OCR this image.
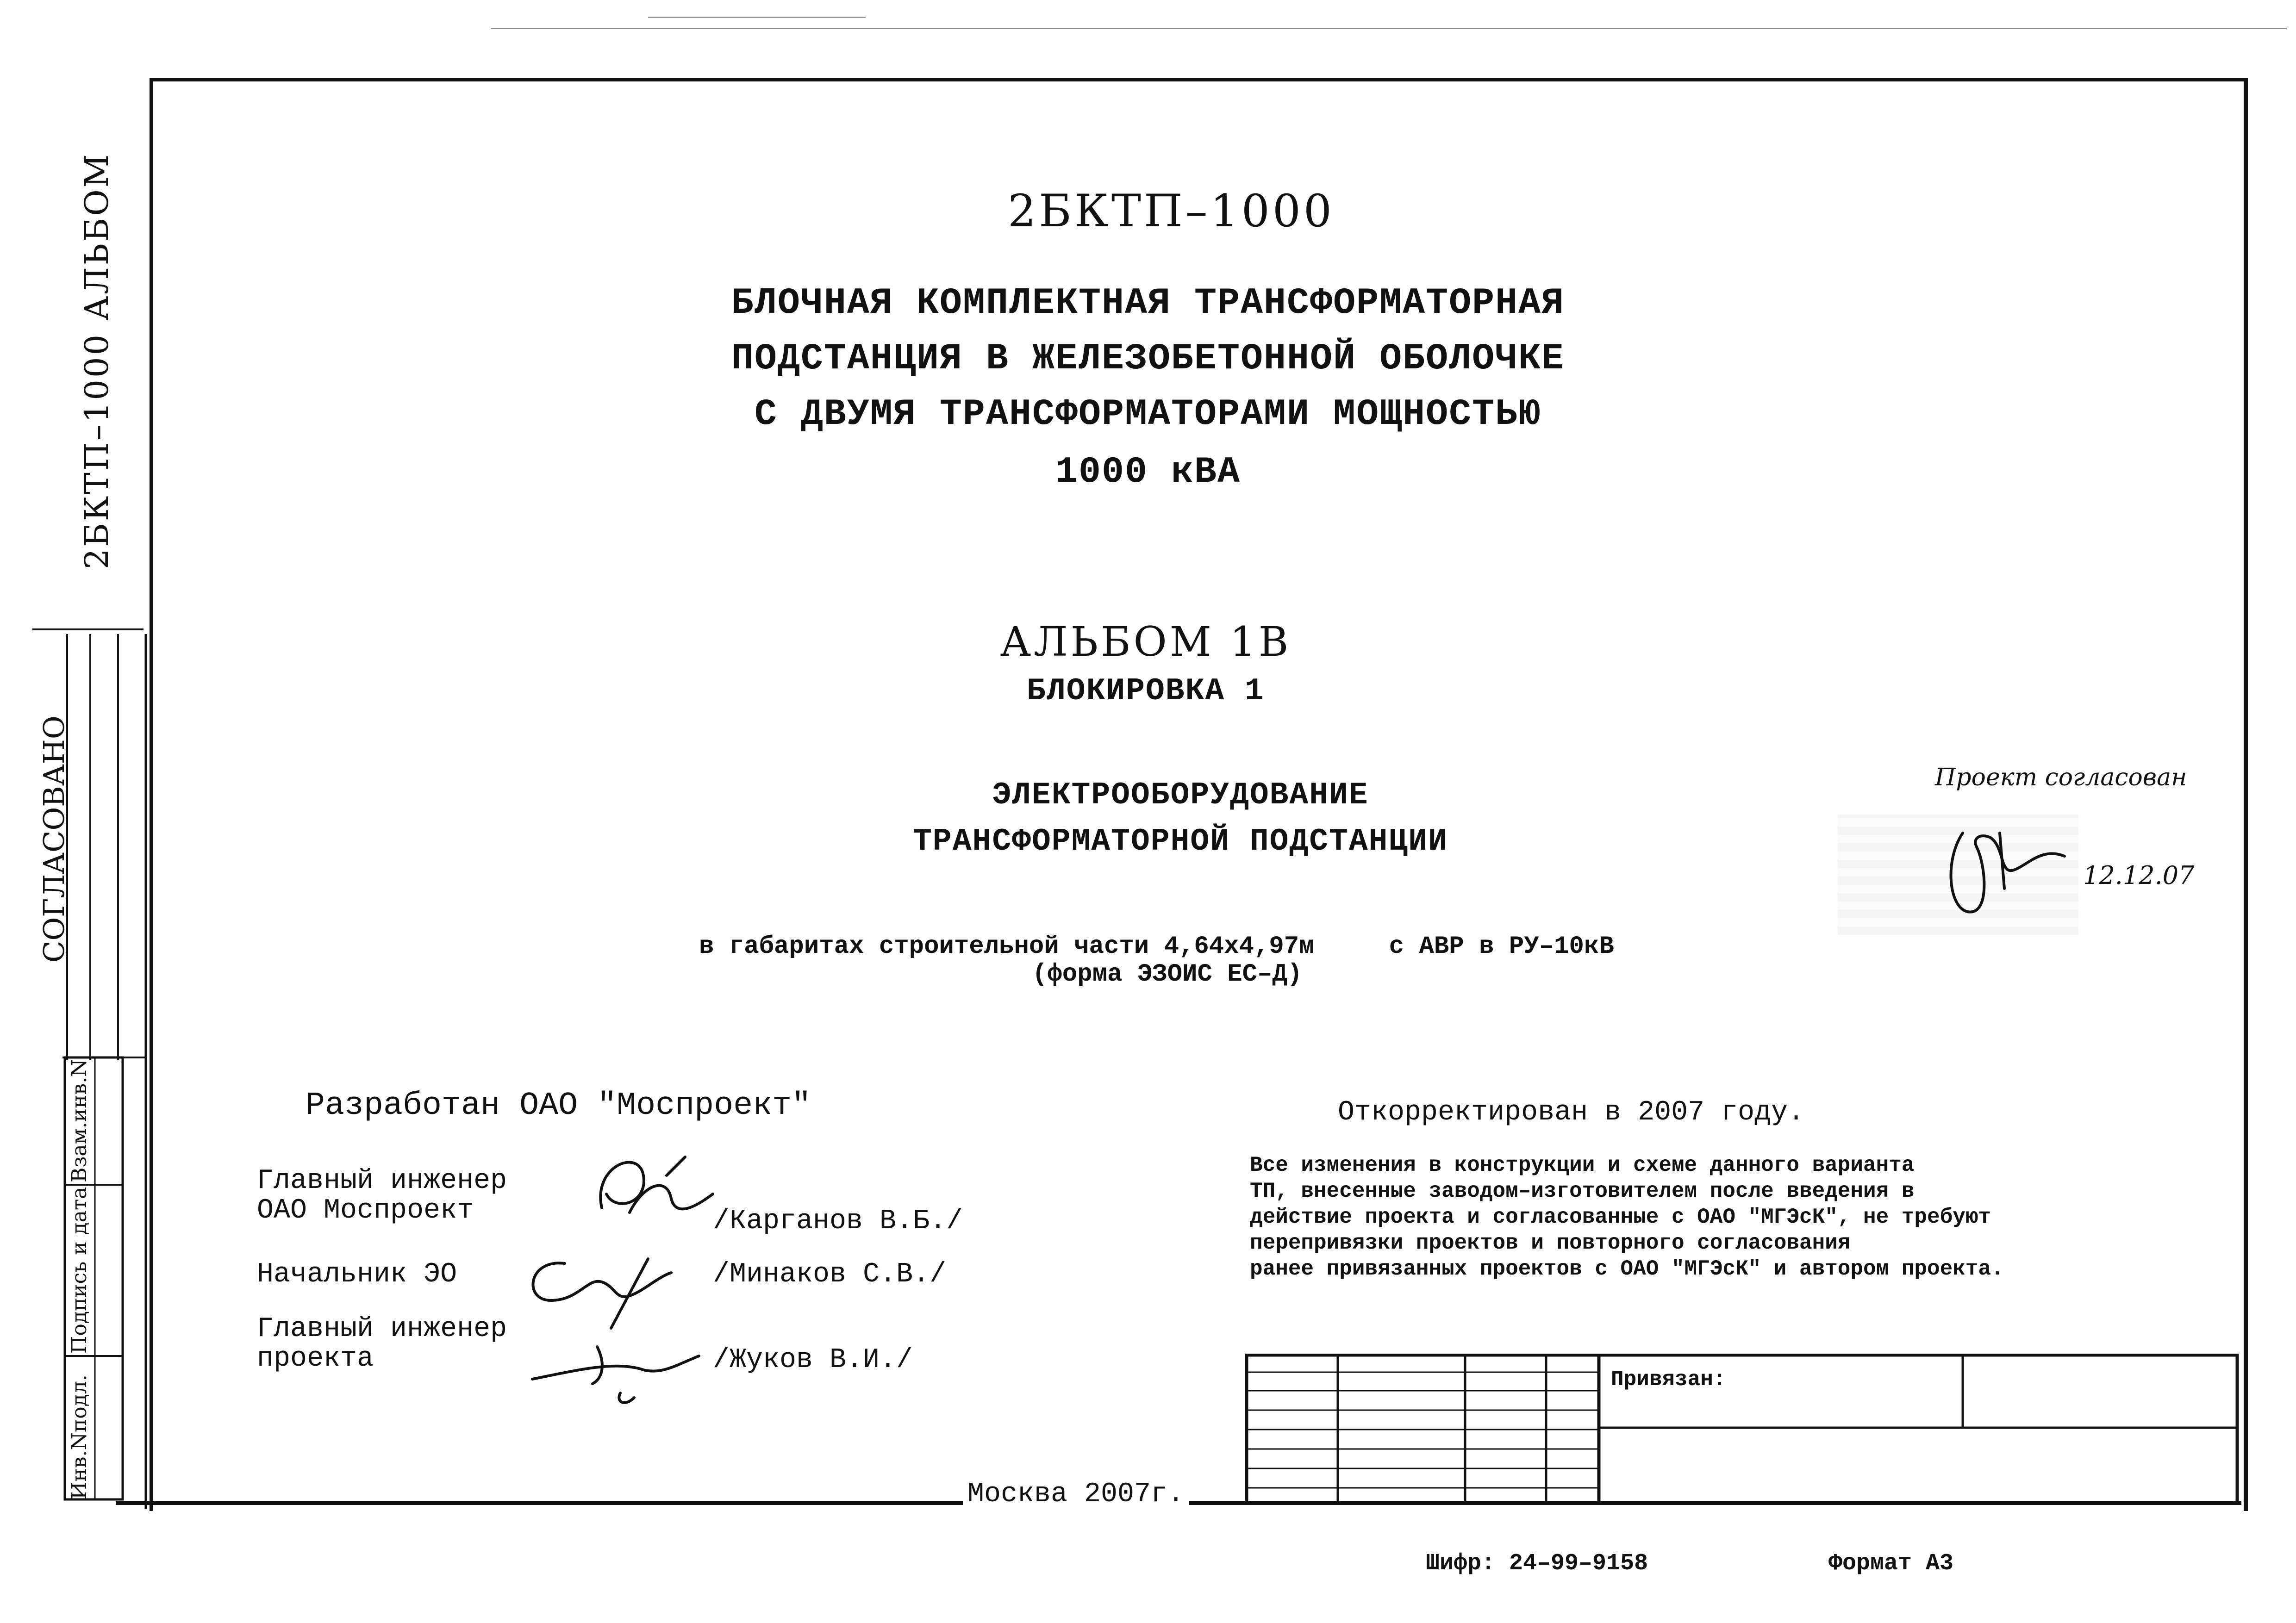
2БКТП–1000 АЛЬБОМ
СОГЛАСОВАНО
Инв.Nподл.
Подпись и дата
Взам.инв.N
2БКТП–1000
БЛОЧНАЯ КОМПЛЕКТНАЯ ТРАНСФОРМАТОРНАЯ
ПОДСТАНЦИЯ В ЖЕЛЕЗОБЕТОННОЙ ОБОЛОЧКЕ
С ДВУМЯ ТРАНСФОРМАТОРАМИ МОЩНОСТЬЮ
1000 кВА
АЛЬБОМ 1В
БЛОКИРОВКА 1
ЭЛЕКТРООБОРУДОВАНИЕ
ТРАНСФОРМАТОРНОЙ ПОДСТАНЦИИ
в габаритах строительной части 4,64х4,97м     с АВР в РУ–10кВ
(форма ЭЗОИС ЕС–Д)
Проект согласован
12.12.07
Разработан ОАО "Моспроект"
Главный инженер
ОАО Моспроект	/Карганов В.Б./
Начальник ЭО	/Минаков С.В./
Главный инженер
проекта	/Жуков В.И./
Москва 2007г.
Откорректирован в 2007 году.
Все изменения в конструкции и схеме данного варианта
ТП, внесенные заводом–изготовителем после введения в
действие проекта и согласованные с ОАО "МГЭсК", не требуют
перепривязки проектов и повторного согласования
ранее привязанных проектов с ОАО "МГЭсК" и автором проекта.
Привязан:
Шифр: 24–99–9158	Формат А3
